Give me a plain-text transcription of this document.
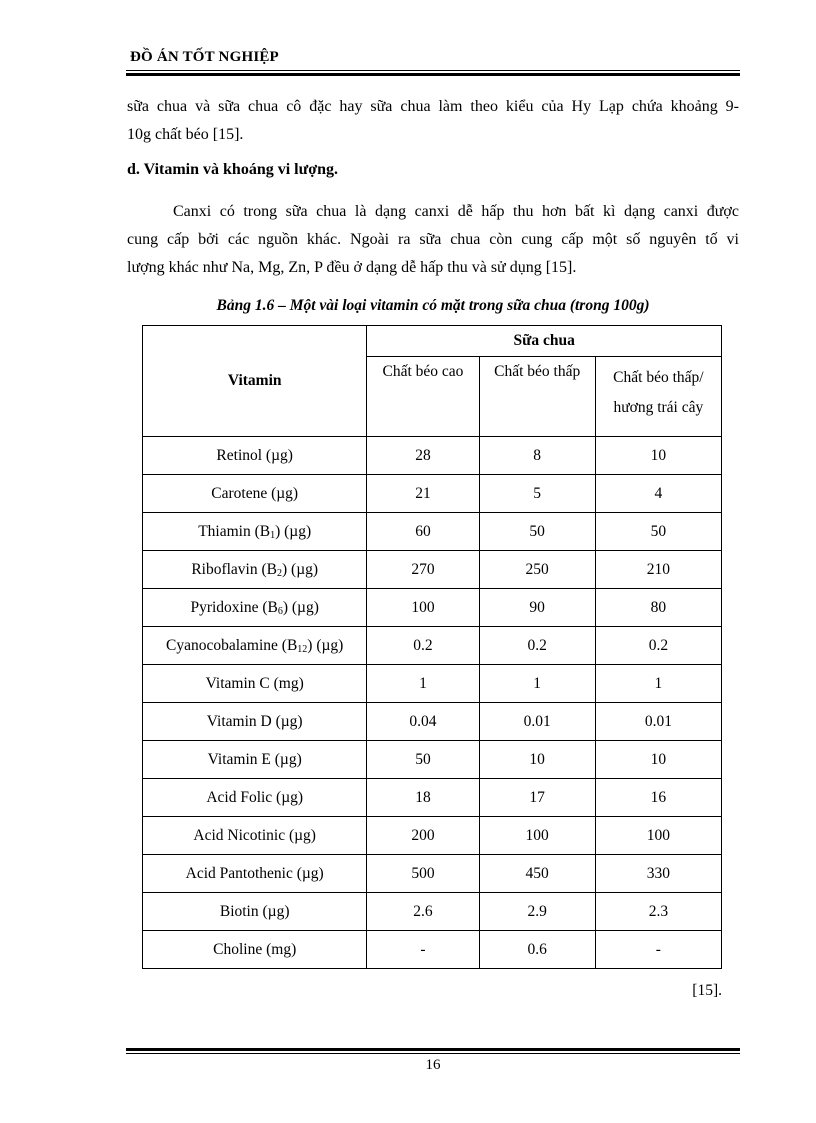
ĐỒ ÁN TỐT NGHIỆP
sữa chua và sữa chua cô đặc hay sữa chua làm theo kiểu của Hy Lạp chứa khoảng 9-
10g chất béo [15].
d. Vitamin và khoáng vi lượng.
Canxi có trong sữa chua là dạng canxi dễ hấp thu hơn bất kì dạng canxi được
cung cấp bởi các nguồn khác. Ngoài ra sữa chua còn cung cấp một số nguyên tố vi
lượng khác như Na, Mg, Zn, P đều ở dạng dễ hấp thu và sử dụng [15].
Bảng 1.6 – Một vài loại vitamin có mặt trong sữa chua (trong 100g)
Vitamin	Sữa chua		
	Chất béo cao	Chất béo thấp	Chất béo thấp/
hương trái cây
Retinol (µg)	28	8	10
Carotene (µg)	21	5	4
Thiamin $(B_1)$ (µg)	60	50	50
Riboflavin $(B_2)$ (µg)	270	250	210
Pyridoxine $(B_6)$ (µg)	100	90	80
Cyanocobalamine $(B_{12})$ (µg)	0.2	0.2	0.2
Vitamin C (mg)	1	1	1
Vitamin D (µg)	0.04	0.01	0.01
Vitamin E (µg)	50	10	10
Acid Folic (µg)	18	17	16
Acid Nicotinic (µg)	200	100	100
Acid Pantothenic (µg)	500	450	330
Biotin (µg)	2.6	2.9	2.3
Choline (mg)	-	0.6	-
[15].
16
